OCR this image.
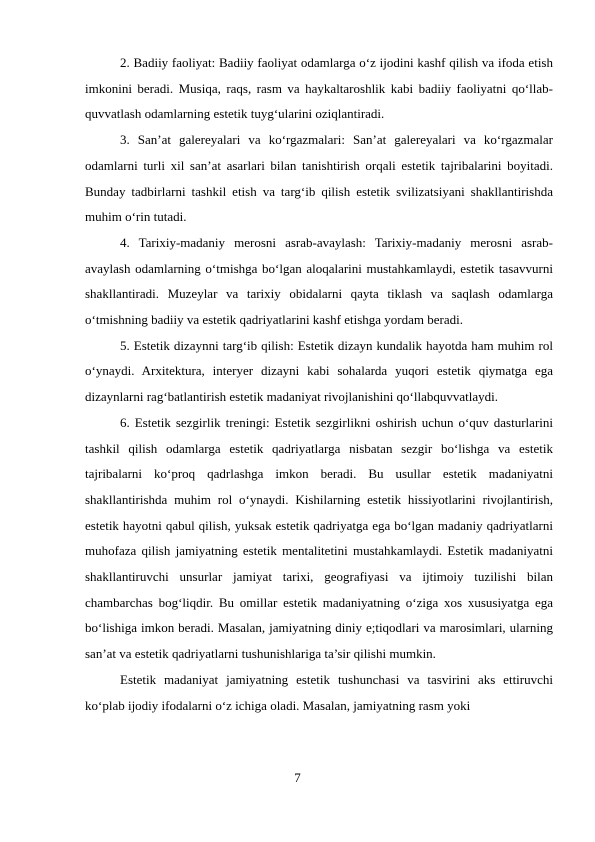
2. Badiiy faoliyat: Badiiy faoliyat odamlarga o‘z ijodini kashf qilish va ifoda etish imkonini beradi. Musiqa, raqs, rasm va haykaltaroshlik kabi badiiy faoliyatni qo‘llab-quvvatlash odamlarning estetik tuyg‘ularini oziqlantiradi.

3. San’at galereyalari va ko‘rgazmalari: San’at galereyalari va ko‘rgazmalar odamlarni turli xil san’at asarlari bilan tanishtirish orqali estetik tajribalarini boyitadi. Bunday tadbirlarni tashkil etish va targ‘ib qilish estetik svilizatsiyani shakllantirishda muhim o‘rin tutadi.

4. Tarixiy-madaniy merosni asrab-avaylash: Tarixiy-madaniy merosni asrab-avaylash odamlarning o‘tmishga bo‘lgan aloqalarini mustahkamlaydi, estetik tasavvurni shakllantiradi. Muzeylar va tarixiy obidalarni qayta tiklash va saqlash odamlarga o‘tmishning badiiy va estetik qadriyatlarini kashf etishga yordam beradi.

5. Estetik dizaynni targ‘ib qilish: Estetik dizayn kundalik hayotda ham muhim rol o‘ynaydi. Arxitektura, interyer dizayni kabi sohalarda yuqori estetik qiymatga ega dizaynlarni rag‘batlantirish estetik madaniyat rivojlanishini qo‘llabquvvatlaydi.

6. Estetik sezgirlik treningi: Estetik sezgirlikni oshirish uchun o‘quv dasturlarini tashkil qilish odamlarga estetik qadriyatlarga nisbatan sezgir bo‘lishga va estetik tajribalarni ko‘proq qadrlashga imkon beradi. Bu usullar estetik madaniyatni shakllantirishda muhim rol o‘ynaydi. Kishilarning estetik hissiyotlarini rivojlantirish, estetik hayotni qabul qilish, yuksak estetik qadriyatga ega bo‘lgan madaniy qadriyatlarni muhofaza qilish jamiyatning estetik mentalitetini mustahkamlaydi. Estetik madaniyatni shakllantiruvchi unsurlar jamiyat tarixi, geografiyasi va ijtimoiy tuzilishi bilan chambarchas bog‘liqdir. Bu omillar estetik madaniyatning o‘ziga xos xususiyatga ega bo‘lishiga imkon beradi. Masalan, jamiyatning diniy e;tiqodlari va marosimlari, ularning san’at va estetik qadriyatlarni tushunishlariga ta’sir qilishi mumkin.

Estetik madaniyat jamiyatning estetik tushunchasi va tasvirini aks ettiruvchi ko‘plab ijodiy ifodalarni o‘z ichiga oladi. Masalan, jamiyatning rasm yoki

7
